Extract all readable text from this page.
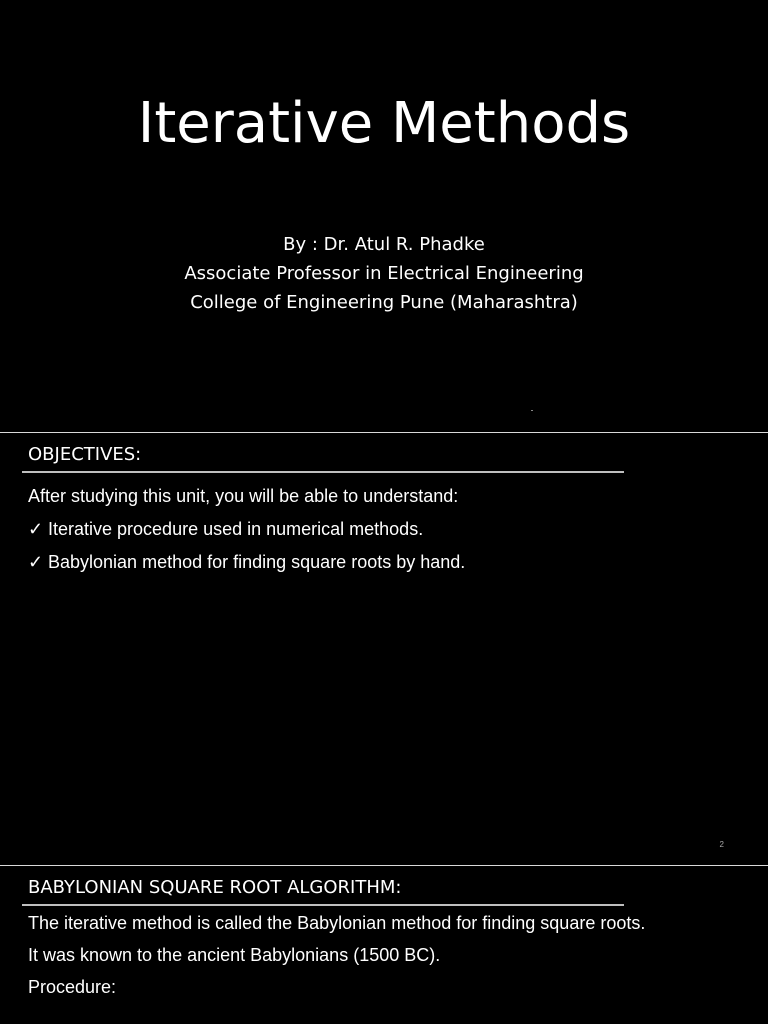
Iterative Methods
By : Dr. Atul R. Phadke
Associate Professor in Electrical Engineering
College of Engineering Pune (Maharashtra)
OBJECTIVES:

After studying this unit, you will be able to understand:

✓ Iterative procedure used in numerical methods.

✓ Babylonian method for finding square roots by hand.

2
BABYLONIAN SQUARE ROOT ALGORITHM:

The iterative method is called the Babylonian method for finding square roots.

It was known to the ancient Babylonians (1500 BC).

Procedure:
